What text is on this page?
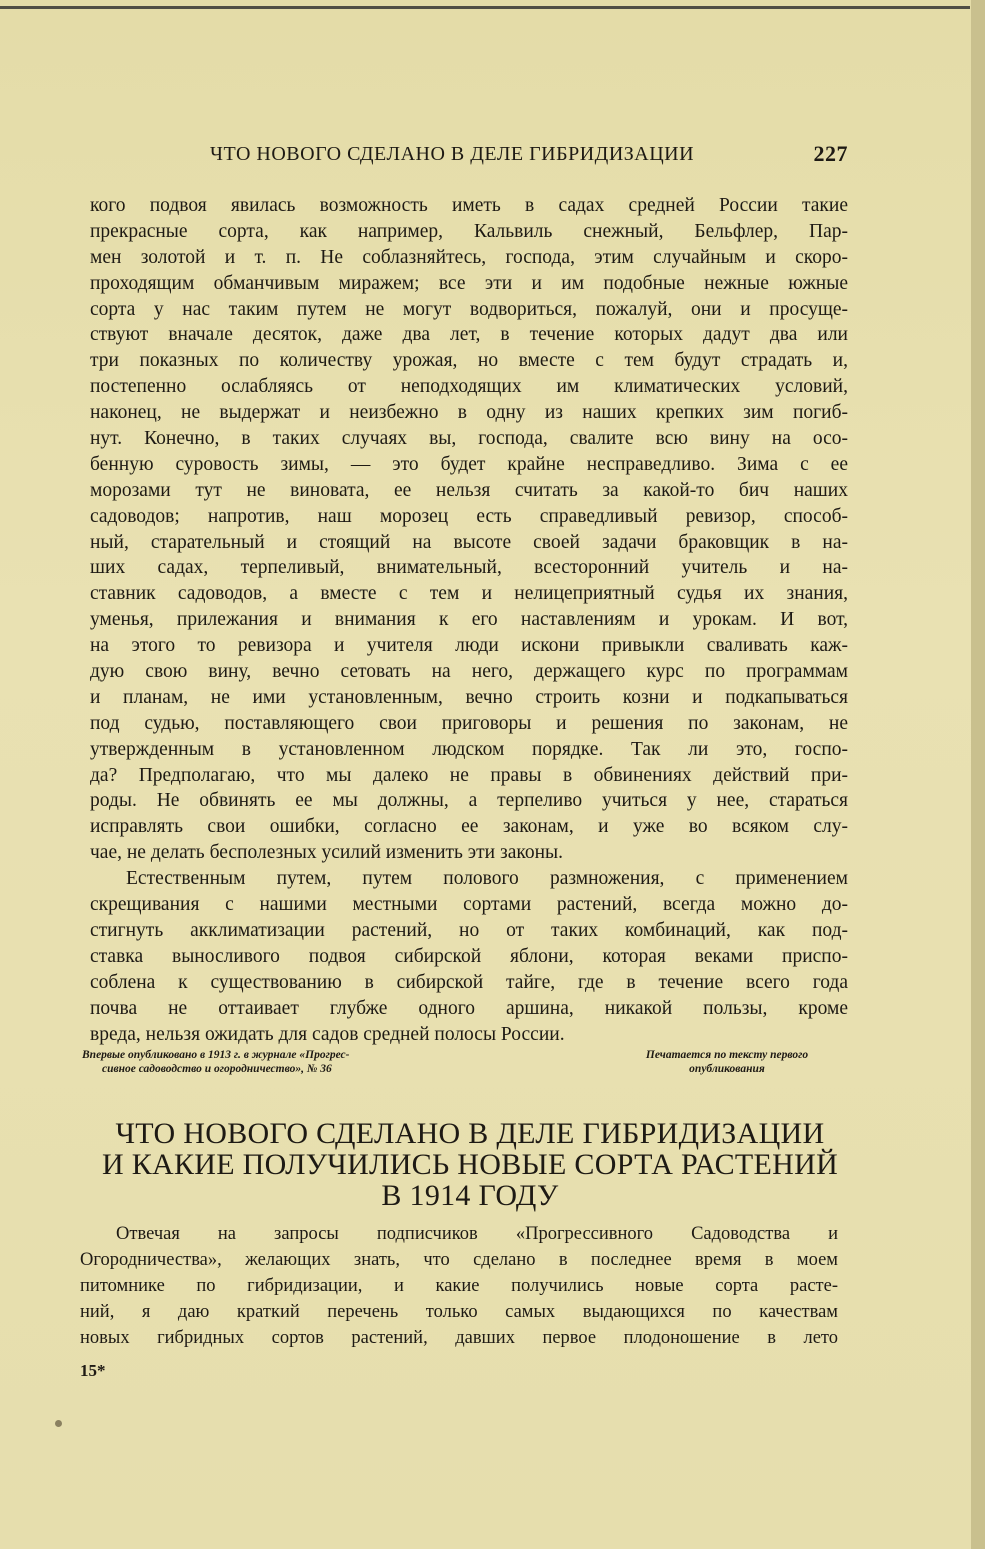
ЧТО НОВОГО СДЕЛАНО В ДЕЛЕ ГИБРИДИЗАЦИИ	227
кого подвоя явилась возможность иметь в садах средней России такие
прекрасные сорта, как например, Кальвиль снежный, Бельфлер, Пар-
мен золотой и т. п. Не соблазняйтесь, господа, этим случайным и скоро-
проходящим обманчивым миражем; все эти и им подобные нежные южные
сорта у нас таким путем не могут водвориться, пожалуй, они и просуще-
ствуют вначале десяток, даже два лет, в течение которых дадут два или
три показных по количеству урожая, но вместе с тем будут страдать и,
постепенно ослабляясь от неподходящих им климатических условий,
наконец, не выдержат и неизбежно в одну из наших крепких зим погиб-
нут. Конечно, в таких случаях вы, господа, свалите всю вину на осо-
бенную суровость зимы, — это будет крайне несправедливо. Зима с ее
морозами тут не виновата, ее нельзя считать за какой-то бич наших
садоводов; напротив, наш морозец есть справедливый ревизор, способ-
ный, старательный и стоящий на высоте своей задачи браковщик в на-
ших садах, терпеливый, внимательный, всесторонний учитель и на-
ставник садоводов, а вместе с тем и нелицеприятный судья их знания,
уменья, прилежания и внимания к его наставлениям и урокам. И вот,
на этого то ревизора и учителя люди искони привыкли сваливать каж-
дую свою вину, вечно сетовать на него, держащего курс по программам
и планам, не ими установленным, вечно строить козни и подкапываться
под судью, поставляющего свои приговоры и решения по законам, не
утвержденным в установленном людском порядке. Так ли это, госпо-
да? Предполагаю, что мы далеко не правы в обвинениях действий при-
роды. Не обвинять ее мы должны, а терпеливо учиться у нее, стараться
исправлять свои ошибки, согласно ее законам, и уже во всяком слу-
чае, не делать бесполезных усилий изменить эти законы.
Естественным путем, путем полового размножения, с применением
скрещивания с нашими местными сортами растений, всегда можно до-
стигнуть акклиматизации растений, но от таких комбинаций, как под-
ставка выносливого подвоя сибирской яблони, которая веками приспо-
соблена к существованию в сибирской тайге, где в течение всего года
почва не оттаивает глубже одного аршина, никакой пользы, кроме
вреда, нельзя ожидать для садов средней полосы России.
Впервые опубликовано в 1913 г. в журнале «Прогрес-
сивное садоводство и огородничество», № 36
Печатается по тексту первого
опубликования
ЧТО НОВОГО СДЕЛАНО В ДЕЛЕ ГИБРИДИЗАЦИИ
И КАКИЕ ПОЛУЧИЛИСЬ НОВЫЕ СОРТА РАСТЕНИЙ
В 1914 ГОДУ
Отвечая на запросы подписчиков «Прогрессивного Садоводства и
Огородничества», желающих знать, что сделано в последнее время в моем
питомнике по гибридизации, и какие получились новые сорта расте-
ний, я даю краткий перечень только самых выдающихся по качествам
новых гибридных сортов растений, давших первое плодоношение в лето
15*
